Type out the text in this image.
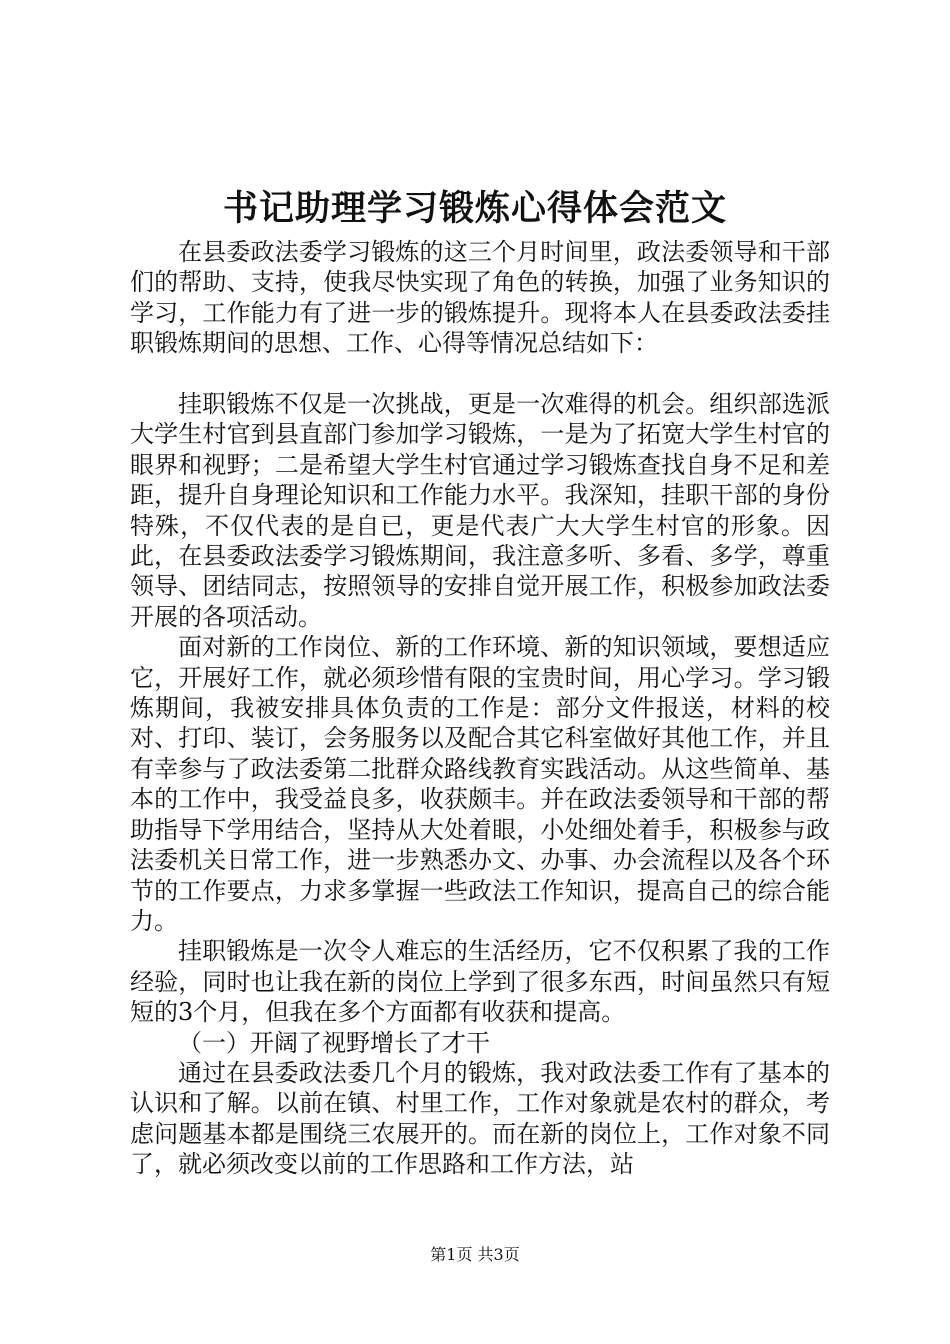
书记助理学习锻炼心得体会范文

在县委政法委学习锻炼的这三个月时间里，政法委领导和干部们的帮助、支持，使我尽快实现了角色的转换，加强了业务知识的学习，工作能力有了进一步的锻炼提升。现将本人在县委政法委挂职锻炼期间的思想、工作、心得等情况总结如下：

挂职锻炼不仅是一次挑战，更是一次难得的机会。组织部选派大学生村官到县直部门参加学习锻炼，一是为了拓宽大学生村官的眼界和视野；二是希望大学生村官通过学习锻炼查找自身不足和差距，提升自身理论知识和工作能力水平。我深知，挂职干部的身份特殊，不仅代表的是自已，更是代表广大大学生村官的形象。因此，在县委政法委学习锻炼期间，我注意多听、多看、多学，尊重领导、团结同志，按照领导的安排自觉开展工作，积极参加政法委开展的各项活动。

面对新的工作岗位、新的工作环境、新的知识领域，要想适应它，开展好工作，就必须珍惜有限的宝贵时间，用心学习。学习锻炼期间，我被安排具体负责的工作是：部分文件报送，材料的校对、打印、装订，会务服务以及配合其它科室做好其他工作，并且有幸参与了政法委第二批群众路线教育实践活动。从这些简单、基本的工作中，我受益良多，收获颇丰。并在政法委领导和干部的帮助指导下学用结合，坚持从大处着眼，小处细处着手，积极参与政法委机关日常工作，进一步熟悉办文、办事、办会流程以及各个环节的工作要点，力求多掌握一些政法工作知识，提高自己的综合能力。

挂职锻炼是一次令人难忘的生活经历，它不仅积累了我的工作经验，同时也让我在新的岗位上学到了很多东西，时间虽然只有短短的3个月，但我在多个方面都有收获和提高。

（一）开阔了视野增长了才干

通过在县委政法委几个月的锻炼，我对政法委工作有了基本的认识和了解。以前在镇、村里工作，工作对象就是农村的群众，考虑问题基本都是围绕三农展开的。而在新的岗位上，工作对象不同了，就必须改变以前的工作思路和工作方法，站

第1页 共3页
